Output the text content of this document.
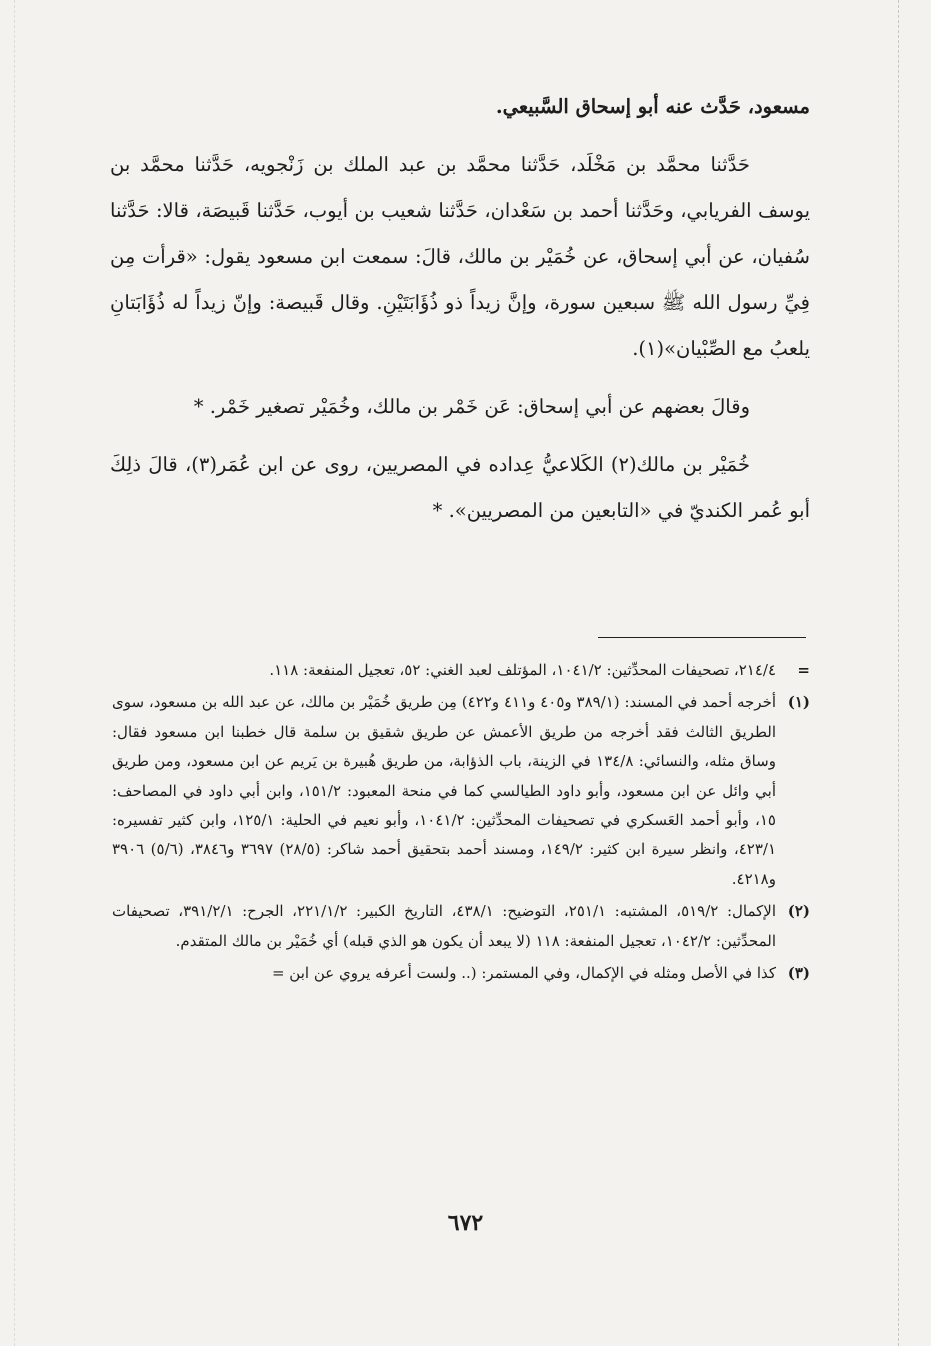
مسعود، حَدَّث عنه أبو إسحاق السَّبيعي.

حَدَّثنا محمَّد بن مَخْلَد، حَدَّثنا محمَّد بن عبد الملك بن زَنْجويه، حَدَّثنا محمَّد بن يوسف الفريابي، وحَدَّثنا أحمد بن سَعْدان، حَدَّثنا شعيب بن أيوب، حَدَّثنا قَبيصَة، قالا: حَدَّثنا سُفيان، عن أبي إسحاق، عن خُمَيْر بن مالك، قالَ: سمعت ابن مسعود يقول: «قرأت مِن فِيِّ رسول الله ﷺ سبعين سورة، وإنَّ زيداً ذو ذُؤَابَتَيْنِ. وقال قَبيصة: وإنّ زيداً له ذُؤَابَتانِ يلعبُ مع الصِّبْيان»(١).

وقالَ بعضهم عن أبي إسحاق: عَن خَمْر بن مالك، وخُمَيْر تصغير خَمْر. *

خُمَيْر بن مالك(٢) الكَلاعيُّ عِداده في المصريين، روى عن ابن عُمَر(٣)، قالَ ذلِكَ أبو عُمر الكنديّ في «التابعين من المصريين». *

=
٢١٤/٤، تصحيفات المحدِّثين: ١٠٤١/٢، المؤتلف لعبد الغني: ٥٢، تعجيل المنفعة: ١١٨.
(١)
أخرجه أحمد في المسند: (٣٨٩/١ و٤٠٥ و٤١١ و٤٢٢) مِن طريق خُمَيْر بن مالك، عن عبد الله بن مسعود، سوى الطريق الثالث فقد أخرجه من طريق الأعمش عن طريق شقيق بن سلمة قال خطبنا ابن مسعود فقال: وساق مثله، والنسائي: ١٣٤/٨ في الزينة، باب الذؤابة، من طريق هُبيرة بن يَريم عن ابن مسعود، ومن طريق أبي وائل عن ابن مسعود، وأبو داود الطيالسي كما في منحة المعبود: ١٥١/٢، وابن أبي داود في المصاحف: ١٥، وأبو أحمد العَسكري في تصحيفات المحدِّثين: ١٠٤١/٢، وأبو نعيم في الحلية: ١٢٥/١، وابن كثير تفسيره: ٤٢٣/١، وانظر سيرة ابن كثير: ١٤٩/٢، ومسند أحمد بتحقيق أحمد شاكر: (٢٨/٥) ٣٦٩٧ و٣٨٤٦، (٥/٦) ٣٩٠٦ و٤٢١٨.
(٢)
الإكمال: ٥١٩/٢، المشتبه: ٢٥١/١، التوضيح: ٤٣٨/١، التاريخ الكبير: ٢٢١/١/٢، الجرح: ٣٩١/٢/١، تصحيفات المحدِّثين: ١٠٤٢/٢، تعجيل المنفعة: ١١٨ (لا يبعد أن يكون هو الذي قبله) أي خُمَيْر بن مالك المتقدم.
(٣)
كذا في الأصل ومثله في الإكمال، وفي المستمر: (.. ولست أعرفه يروي عن ابن =
٦٧٢
